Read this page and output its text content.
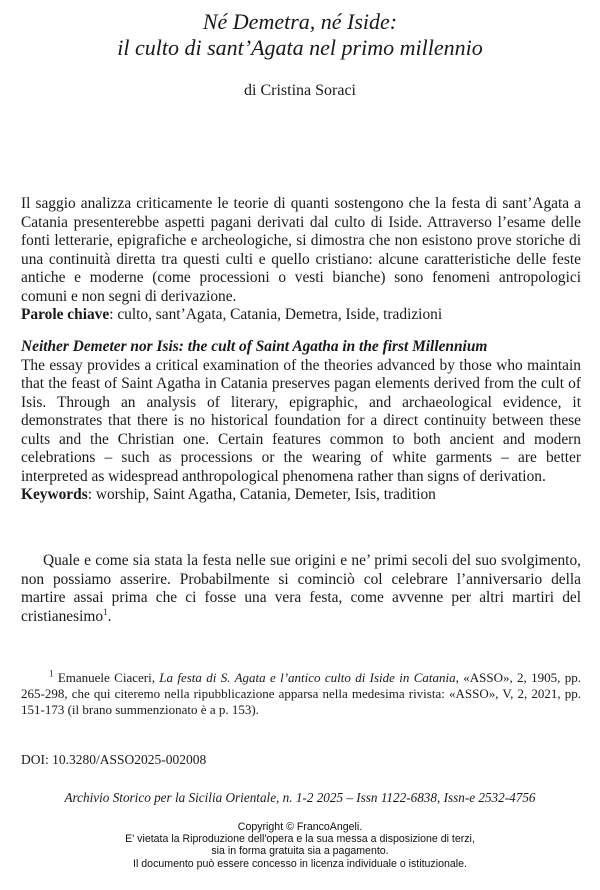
Né Demetra, né Iside:
il culto di sant’Agata nel primo millennio
di Cristina Soraci

Il saggio analizza criticamente le teorie di quanti sostengono che la festa di sant’Agata a Catania presenterebbe aspetti pagani derivati dal culto di Iside. Attraverso l’esame delle fonti letterarie, epigrafiche e archeologiche, si dimostra che non esistono prove storiche di una continuità diretta tra questi culti e quello cristiano: alcune caratteristiche delle feste antiche e moderne (come processioni o vesti bianche) sono fenomeni antropologici comuni e non segni di derivazione.

Parole chiave: culto, sant’Agata, Catania, Demetra, Iside, tradizioni

Neither Demeter nor Isis: the cult of Saint Agatha in the first Millennium

The essay provides a critical examination of the theories advanced by those who maintain that the feast of Saint Agatha in Catania preserves pagan elements derived from the cult of Isis. Through an analysis of literary, epigraphic, and archaeological evidence, it demonstrates that there is no historical foundation for a direct continuity between these cults and the Christian one. Certain features common to both ancient and modern celebrations – such as processions or the wearing of white garments – are better interpreted as widespread anthropological phenomena rather than signs of derivation.

Keywords: worship, Saint Agatha, Catania, Demeter, Isis, tradition

Quale e come sia stata la festa nelle sue origini e ne’ primi secoli del suo svolgimento, non possiamo asserire. Probabilmente si cominciò col celebrare l’anniversario della martire assai prima che ci fosse una vera festa, come avvenne per altri martiri del cristianesimo$^1$.

$^1$ Emanuele Ciaceri, La festa di S. Agata e l’antico culto di Iside in Catania, «ASSO», 2, 1905, pp. 265-298, che qui citeremo nella ripubblicazione apparsa nella medesima rivista: «ASSO», V, 2, 2021, pp. 151-173 (il brano summenzionato è a p. 153).

DOI: 10.3280/ASSO2025-002008
Archivio Storico per la Sicilia Orientale, n. 1-2 2025 – Issn 1122-6838, Issn-e 2532-4756
Copyright © FrancoAngeli.
E' vietata la Riproduzione dell'opera e la sua messa a disposizione di terzi,
sia in forma gratuita sia a pagamento.
Il documento può essere concesso in licenza individuale o istituzionale.
